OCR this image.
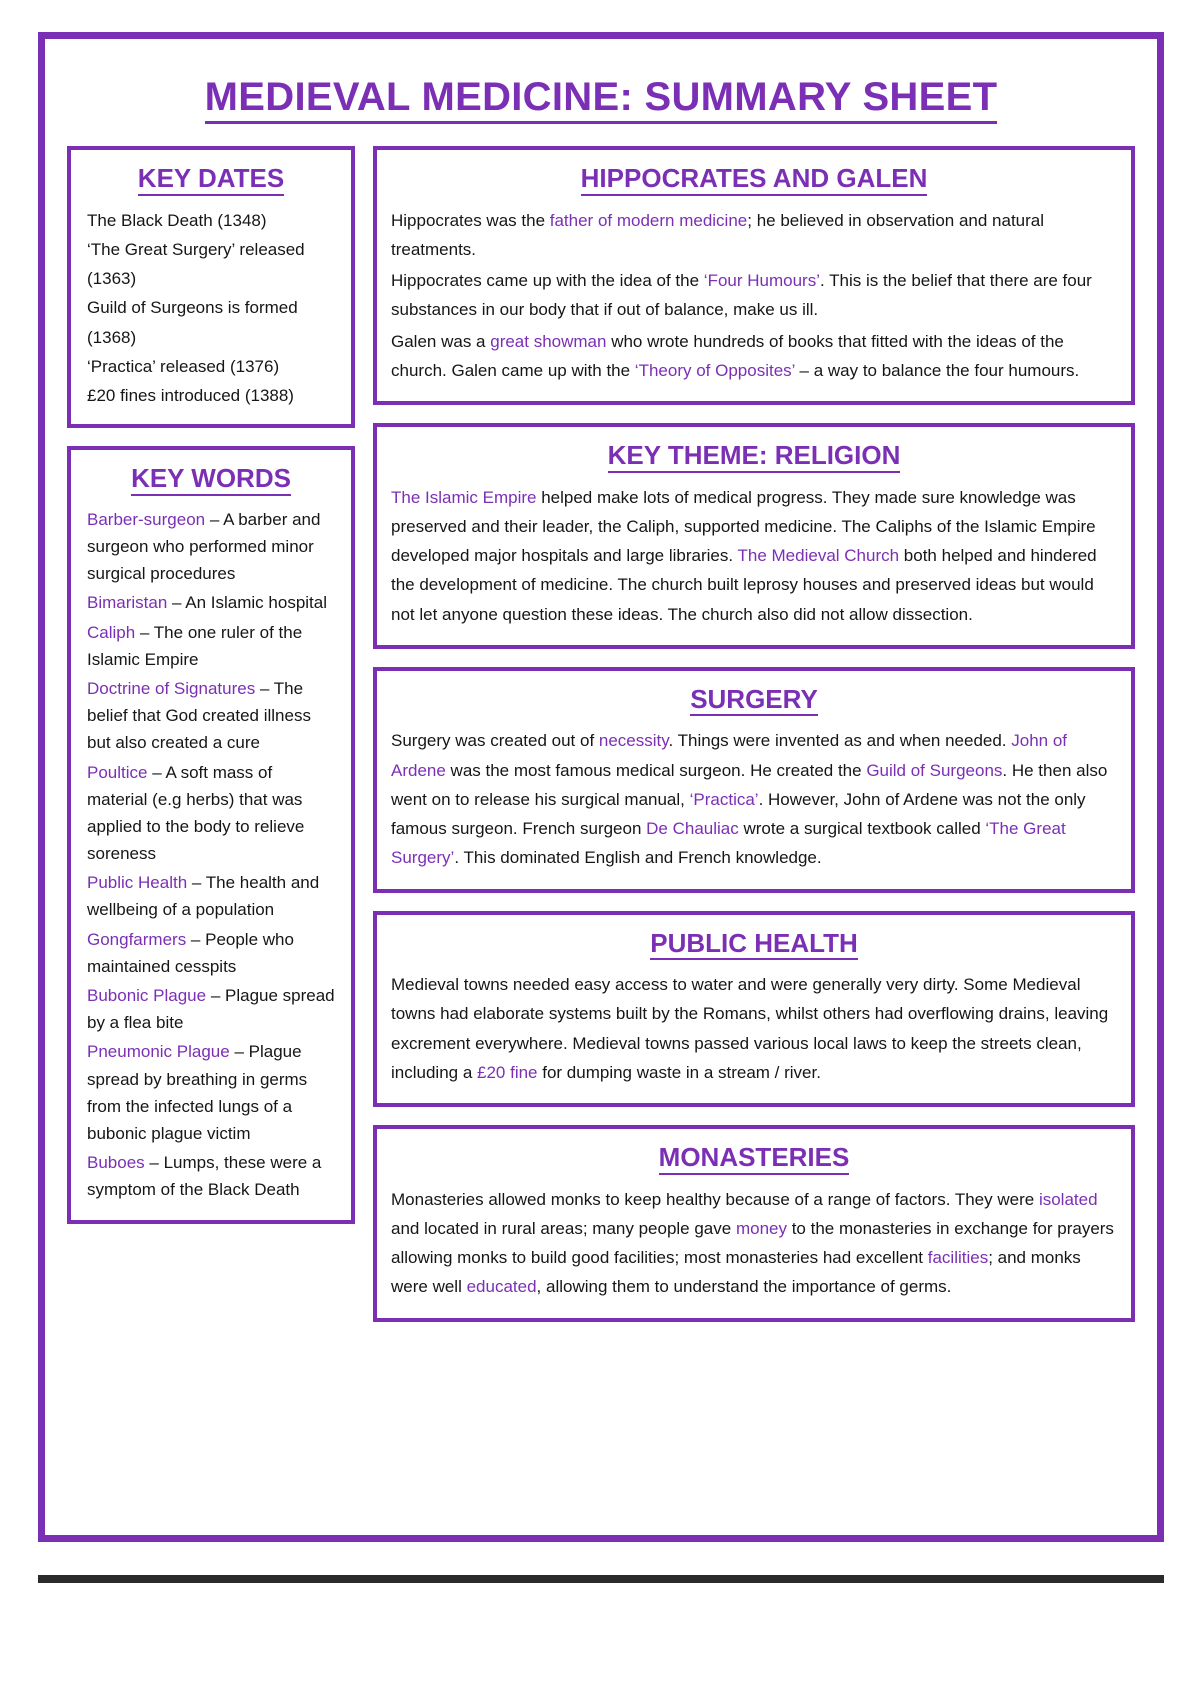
MEDIEVAL MEDICINE: SUMMARY SHEET
KEY DATES
The Black Death (1348)
‘The Great Surgery’ released (1363)
Guild of Surgeons is formed (1368)
‘Practica’ released (1376)
£20 fines introduced (1388)
KEY WORDS
Barber-surgeon – A barber and surgeon who performed minor surgical procedures
Bimaristan – An Islamic hospital
Caliph – The one ruler of the Islamic Empire
Doctrine of Signatures – The belief that God created illness but also created a cure
Poultice – A soft mass of material (e.g herbs) that was applied to the body to relieve soreness
Public Health – The health and wellbeing of a population
Gongfarmers – People who maintained cesspits
Bubonic Plague – Plague spread by a flea bite
Pneumonic Plague – Plague spread by breathing in germs from the infected lungs of a bubonic plague victim
Buboes – Lumps, these were a symptom of the Black Death
HIPPOCRATES AND GALEN

Hippocrates was the father of modern medicine; he believed in observation and natural treatments.

Hippocrates came up with the idea of the ‘Four Humours’. This is the belief that there are four substances in our body that if out of balance, make us ill.

Galen was a great showman who wrote hundreds of books that fitted with the ideas of the church. Galen came up with the ‘Theory of Opposites’ – a way to balance the four humours.

KEY THEME: RELIGION

The Islamic Empire helped make lots of medical progress. They made sure knowledge was preserved and their leader, the Caliph, supported medicine. The Caliphs of the Islamic Empire developed major hospitals and large libraries. The Medieval Church both helped and hindered the development of medicine. The church built leprosy houses and preserved ideas but would not let anyone question these ideas. The church also did not allow dissection.

SURGERY

Surgery was created out of necessity. Things were invented as and when needed. John of Ardene was the most famous medical surgeon. He created the Guild of Surgeons. He then also went on to release his surgical manual, ‘Practica’. However, John of Ardene was not the only famous surgeon. French surgeon De Chauliac wrote a surgical textbook called ‘The Great Surgery’. This dominated English and French knowledge.

PUBLIC HEALTH

Medieval towns needed easy access to water and were generally very dirty. Some Medieval towns had elaborate systems built by the Romans, whilst others had overflowing drains, leaving excrement everywhere. Medieval towns passed various local laws to keep the streets clean, including a £20 fine for dumping waste in a stream / river.

MONASTERIES

Monasteries allowed monks to keep healthy because of a range of factors. They were isolated and located in rural areas; many people gave money to the monasteries in exchange for prayers allowing monks to build good facilities; most monasteries had excellent facilities; and monks were well educated, allowing them to understand the importance of germs.
